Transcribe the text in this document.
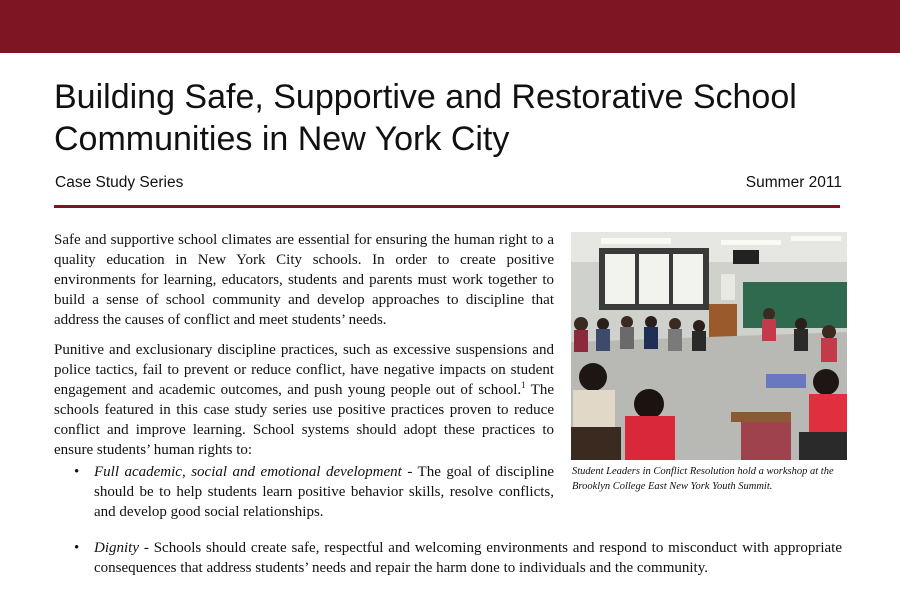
Building Safe, Supportive and Restorative School Communities in New York City
Case Study Series	Summer 2011

Safe and supportive school climates are essential for ensuring the human right to a quality education in New York City schools. In order to create positive environments for learning, educators, students and parents must work together to build a sense of school community and develop approaches to discipline that address the causes of conflict and meet students’ needs.

Punitive and exclusionary discipline practices, such as excessive suspensions and police tactics, fail to prevent or reduce conflict, have negative impacts on student engagement and academic outcomes, and push young people out of school.$^1$ The schools featured in this case study series use positive practices proven to reduce conflict and improve learning. School systems should adopt these practices to ensure students’ human rights to:

• Full academic, social and emotional development - The goal of discipline should be to help students learn positive behavior skills, resolve conflicts, and develop good social relationships.
• Dignity - Schools should create safe, respectful and welcoming environments and respond to misconduct with appropriate consequences that address students’ needs and repair the harm done to individuals and the community.
Student Leaders in Conflict Resolution hold a workshop at the Brooklyn College East New York Youth Summit.
